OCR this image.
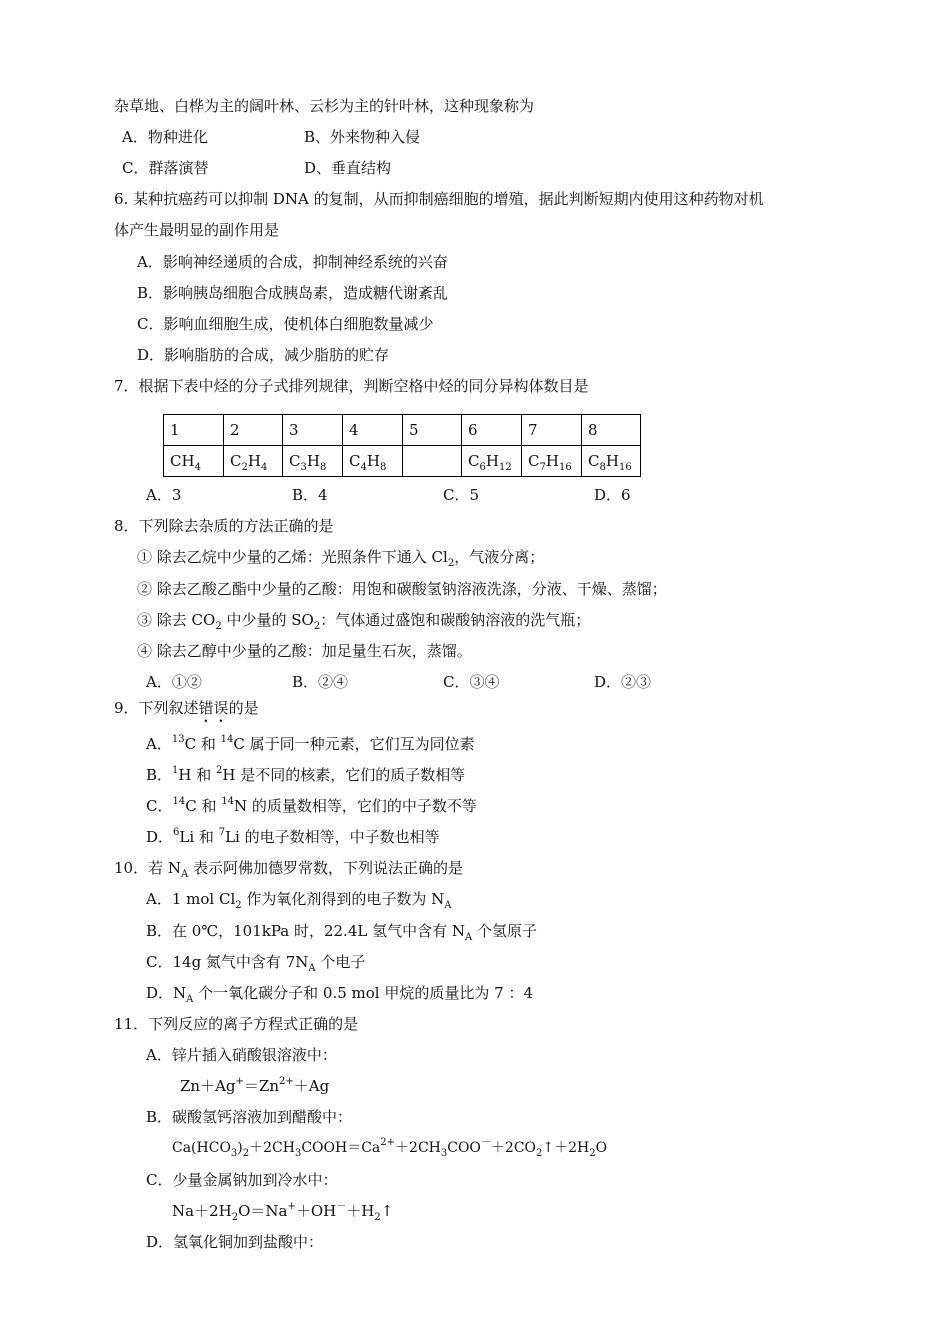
杂草地、白桦为主的阔叶林、云杉为主的针叶林，这种现象称为
A．物种进化	B、外来物种入侵
C．群落演替	D、垂直结构
6. 某种抗癌药可以抑制 DNA 的复制，从而抑制癌细胞的增殖，据此判断短期内使用这种药物对机
体产生最明显的副作用是
A．影响神经递质的合成，抑制神经系统的兴奋
B．影响胰岛细胞合成胰岛素，造成糖代谢紊乱
C．影响血细胞生成，使机体白细胞数量减少
D．影响脂肪的合成，减少脂肪的贮存
7．根据下表中烃的分子式排列规律，判断空格中烃的同分异构体数目是
1	2	3	4	5	6	7	8
$CH_4$	$C_2H_4$	$C_3H_8$	$C_4H_8$		$C_6H_{12}$	$C_7H_{16}$	$C_8H_{16}$
A．3	B．4	C．5	D．6
8．下列除去杂质的方法正确的是
① 除去乙烷中少量的乙烯：光照条件下通入 $Cl_2$，气液分离；
② 除去乙酸乙酯中少量的乙酸：用饱和碳酸氢钠溶液洗涤，分液、干燥、蒸馏；
③ 除去 $CO_2$ 中少量的 $SO_2$：气体通过盛饱和碳酸钠溶液的洗气瓶；
④ 除去乙醇中少量的乙酸：加足量生石灰，蒸馏。
A．①②	B．②④	C．③④	D．②③
9．下列叙述错误的是
A．$^{13}$C 和 $^{14}$C 属于同一种元素，它们互为同位素
B．$^1$H 和 $^2$H 是不同的核素，它们的质子数相等
C．$^{14}$C 和 $^{14}$N 的质量数相等，它们的中子数不等
D．$^6$Li 和 $^7$Li 的电子数相等，中子数也相等
10．若 $N_A$ 表示阿佛加德罗常数，下列说法正确的是
A．1 mol $Cl_2$ 作为氧化剂得到的电子数为 $N_A$
B．在 0℃，101kPa 时，22.4L 氢气中含有 $N_A$ 个氢原子
C．14g 氮气中含有 $7N_A$ 个电子
D．$N_A$ 个一氧化碳分子和 0.5 mol 甲烷的质量比为 7 ：4
11．下列反应的离子方程式正确的是
A．锌片插入硝酸银溶液中：
$Zn+Ag^+=Zn^{2+}+Ag$
B．碳酸氢钙溶液加到醋酸中：
$Ca(HCO_3)_2+2CH_3COOH=Ca^{2+}+2CH_3COO^-+2CO_2↑+2H_2O$
C．少量金属钠加到冷水中：
$Na+2H_2O=Na^++OH^-+H_2↑$
D．氢氧化铜加到盐酸中：
